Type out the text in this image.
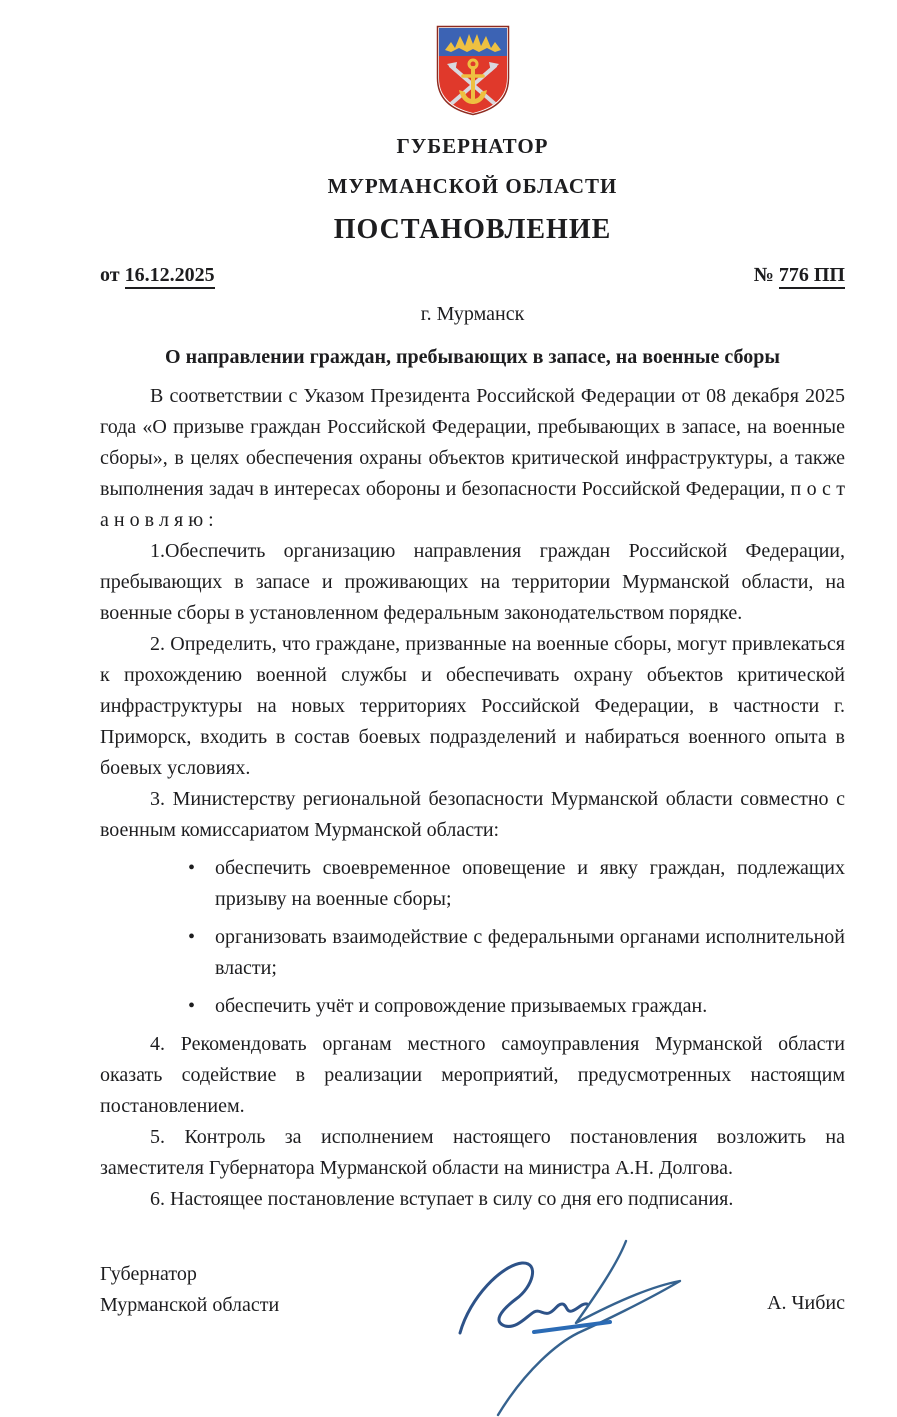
ГУБЕРНАТОР
МУРМАНСКОЙ ОБЛАСТИ
ПОСТАНОВЛЕНИЕ
от 16.12.2025	№ 776 ПП
г. Мурманск
О направлении граждан, пребывающих в запасе, на военные сборы

В соответствии с Указом Президента Российской Федерации от 08 декабря 2025 года «О призыве граждан Российской Федерации, пребывающих в запасе, на военные сборы», в целях обеспечения охраны объектов критической инфраструктуры, а также выполнения задач в интересах обороны и безопасности Российской Федерации, п о с т а н о в л я ю :

1.Обеспечить организацию направления граждан Российской Федерации, пребывающих в запасе и проживающих на территории Мурманской области, на военные сборы в установленном федеральным законодательством порядке.

2. Определить, что граждане, призванные на военные сборы, могут привлекаться к прохождению военной службы и обеспечивать охрану объектов критической инфраструктуры на новых территориях Российской Федерации, в частности г. Приморск, входить в состав боевых подразделений и набираться военного опыта в боевых условиях.

3. Министерству региональной безопасности Мурманской области совместно с военным комиссариатом Мурманской области:

• обеспечить своевременное оповещение и явку граждан, подлежащих призыву на военные сборы;
• организовать взаимодействие с федеральными органами исполнительной власти;
• обеспечить учёт и сопровождение призываемых граждан.

4. Рекомендовать органам местного самоуправления Мурманской области оказать содействие в реализации мероприятий, предусмотренных настоящим постановлением.

5. Контроль за исполнением настоящего постановления возложить на заместителя Губернатора Мурманской области на министра А.Н. Долгова.

6. Настоящее постановление вступает в силу со дня его подписания.

Губернатор
Мурманской области	А. Чибис
